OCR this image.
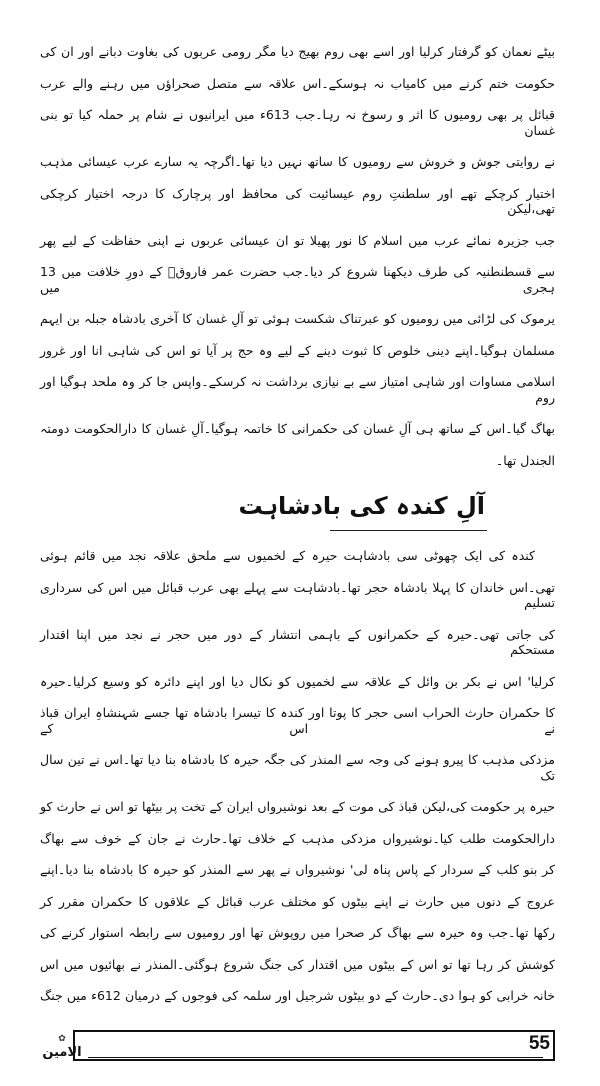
بیٹے نعمان کو گرفتار کرلیا اور اسے بھی روم بھیج دیا مگر رومی عربوں کی بغاوت دبانے اور ان کی
حکومت ختم کرنے میں کامیاب نہ ہوسکے۔اس علاقہ سے متصل صحراؤں میں رہنے والے عرب
قبائل پر بھی رومیوں کا اثر و رسوخ نہ رہا۔جب 613ء میں ایرانیوں نے شام پر حملہ کیا تو بنی غسان
نے روایتی جوش و خروش سے رومیوں کا ساتھ نہیں دیا تھا۔اگرچہ یہ سارے عرب عیسائی مذہب
اختیار کرچکے تھے اور سلطنتِ روم عیسائیت کی محافظ اور پرچارک کا درجہ اختیار کرچکی تھی،لیکن
جب جزیرہ نمائے عرب میں اسلام کا نور پھیلا تو ان عیسائی عربوں نے اپنی حفاظت کے لیے پھر
سے قسطنطنیہ کی طرف دیکھنا شروع کر دیا۔جب حضرت عمر فاروقؓ کے دورِ خلافت میں 13 ہجری میں
یرموک کی لڑائی میں رومیوں کو عبرتناک شکست ہوئی تو آلِ غسان کا آخری بادشاہ جبلہ بن ایہم
مسلمان ہوگیا۔اپنے دینی خلوص کا ثبوت دینے کے لیے وہ حج پر آیا تو اس کی شاہی انا اور غرور
اسلامی مساوات اور شاہی امتیاز سے بے نیازی برداشت نہ کرسکے۔واپس جا کر وہ ملحد ہوگیا اور روم
بھاگ گیا۔اس کے ساتھ ہی آلِ غسان کی حکمرانی کا خاتمہ ہوگیا۔آلِ غسان کا دارالحکومت دومتہ
الجندل تھا۔
آلِ کندہ کی بادشاہت
کندہ کی ایک چھوٹی سی بادشاہت حیرہ کے لخمیوں سے ملحق علاقہ نجد میں قائم ہوئی
تھی۔اس خاندان کا پہلا بادشاہ حجر تھا۔بادشاہت سے پہلے بھی عرب قبائل میں اس کی سرداری تسلیم
کی جاتی تھی۔حیرہ کے حکمرانوں کے باہمی انتشار کے دور میں حجر نے نجد میں اپنا اقتدار مستحکم
کرلیا' اس نے بکر بن وائل کے علاقہ سے لخمیوں کو نکال دیا اور اپنے دائرہ کو وسیع کرلیا۔حیرہ
کا حکمران حارث الحراب اسی حجر کا پوتا اور کندہ کا تیسرا بادشاہ تھا جسے شہنشاہِ ایران قباذ نے اس کے
مزدکی مذہب کا پیرو ہونے کی وجہ سے المنذر کی جگہ حیرہ کا بادشاہ بنا دیا تھا۔اس نے تین سال تک
حیرہ پر حکومت کی،لیکن قباذ کی موت کے بعد نوشیرواں ایران کے تخت پر بیٹھا تو اس نے حارث کو
دارالحکومت طلب کیا۔نوشیرواں مزدکی مذہب کے خلاف تھا۔حارث نے جان کے خوف سے بھاگ
کر بنو کلب کے سردار کے پاس پناہ لی' نوشیرواں نے پھر سے المنذر کو حیرہ کا بادشاہ بنا دیا۔اپنے
عروج کے دنوں میں حارث نے اپنے بیٹوں کو مختلف عرب قبائل کے علاقوں کا حکمران مقرر کر
رکھا تھا۔جب وہ حیرہ سے بھاگ کر صحرا میں روپوش تھا اور رومیوں سے رابطہ استوار کرنے کی
کوشش کر رہا تھا تو اس کے بیٹوں میں اقتدار کی جنگ شروع ہوگئی۔المنذر نے بھائیوں میں اس
خانہ خرابی کو ہوا دی۔حارث کے دو بیٹوں شرجیل اور سلمہ کی فوجوں کے درمیان 612ء میں جنگ
✿
الامین	55
